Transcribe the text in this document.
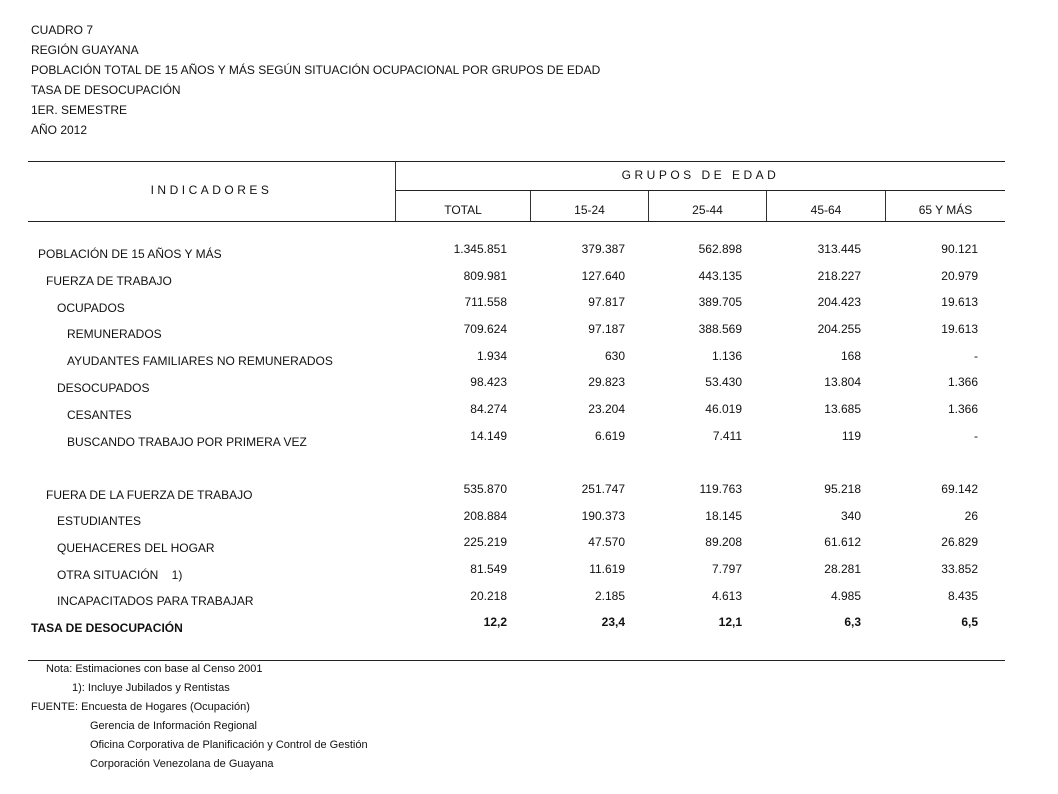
CUADRO 7
REGIÓN GUAYANA
POBLACIÓN TOTAL DE 15 AÑOS Y MÁS SEGÚN SITUACIÓN OCUPACIONAL POR GRUPOS DE EDAD
TASA DE DESOCUPACIÓN
1ER. SEMESTRE
AÑO 2012
INDICADORES
GRUPOS DE EDAD
TOTAL	15-24	25-44	45-64	65 Y MÁS
POBLACIÓN DE 15 AÑOS Y MÁS	1.345.851	379.387	562.898	313.445	90.121
FUERZA DE TRABAJO	809.981	127.640	443.135	218.227	20.979
OCUPADOS	711.558	97.817	389.705	204.423	19.613
REMUNERADOS	709.624	97.187	388.569	204.255	19.613
AYUDANTES FAMILIARES NO REMUNERADOS	1.934	630	1.136	168	-
DESOCUPADOS	98.423	29.823	53.430	13.804	1.366
CESANTES	84.274	23.204	46.019	13.685	1.366
BUSCANDO TRABAJO POR PRIMERA VEZ	14.149	6.619	7.411	119	-
FUERA DE LA FUERZA DE TRABAJO	535.870	251.747	119.763	95.218	69.142
ESTUDIANTES	208.884	190.373	18.145	340	26
QUEHACERES DEL HOGAR	225.219	47.570	89.208	61.612	26.829
OTRA SITUACIÓN    1)	81.549	11.619	7.797	28.281	33.852
INCAPACITADOS PARA TRABAJAR	20.218	2.185	4.613	4.985	8.435
TASA DE DESOCUPACIÓN	12,2	23,4	12,1	6,3	6,5
Nota: Estimaciones con base al Censo 2001
1): Incluye Jubilados y Rentistas
FUENTE: Encuesta de Hogares (Ocupación)
Gerencia de Información Regional
Oficina Corporativa de Planificación y Control de Gestión
Corporación Venezolana de Guayana
